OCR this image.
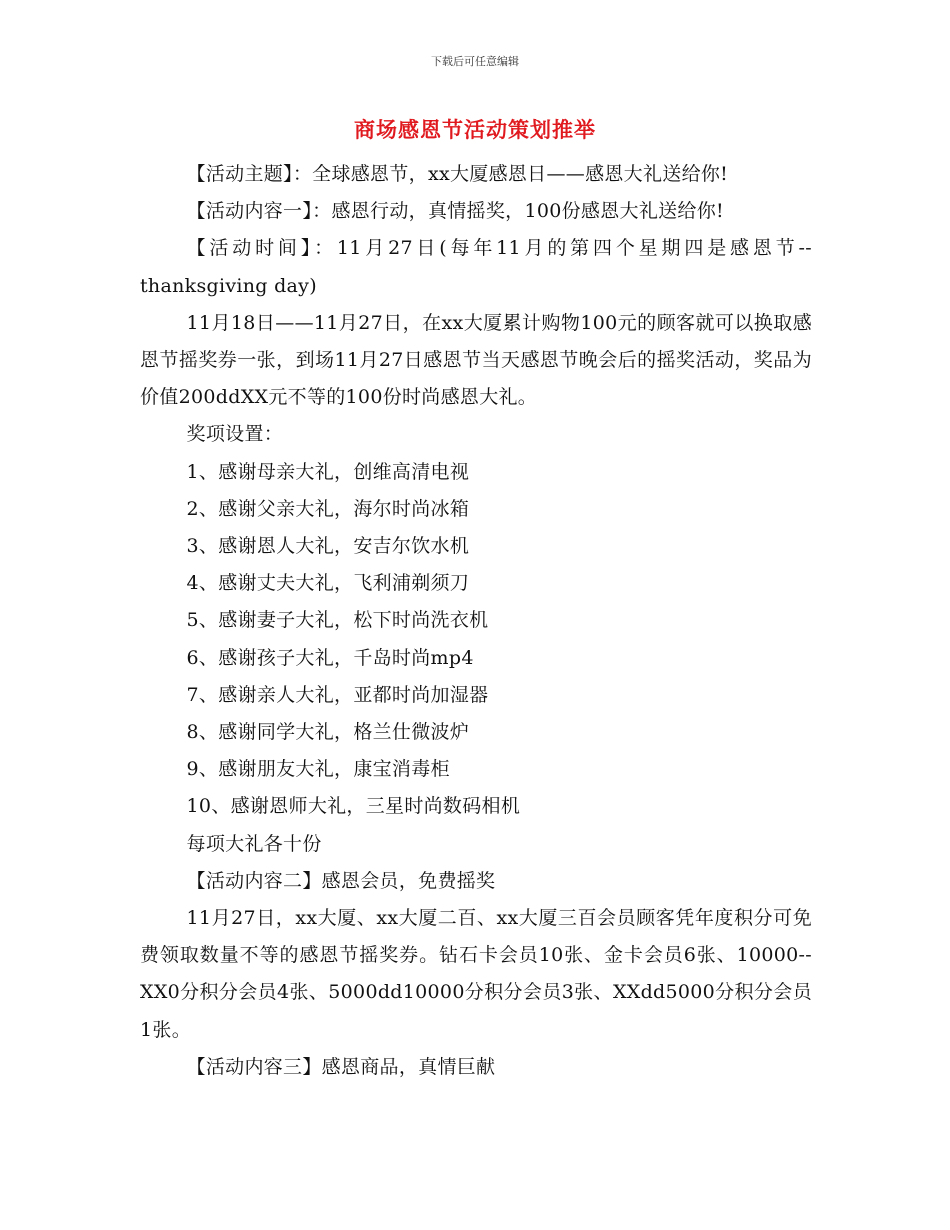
下载后可任意编辑
商场感恩节活动策划推举

【活动主题】：全球感恩节，xx大厦感恩日——感恩大礼送给你!

【活动内容一】：感恩行动，真情摇奖，100份感恩大礼送给你!

【活动时间】：11月27日(每年11月的第四个星期四是感恩节--thanksgiving day)

11月18日——11月27日，在xx大厦累计购物100元的顾客就可以换取感恩节摇奖券一张，到场11月27日感恩节当天感恩节晚会后的摇奖活动，奖品为价值200ddXX元不等的100份时尚感恩大礼。

奖项设置：

1、感谢母亲大礼，创维高清电视

2、感谢父亲大礼，海尔时尚冰箱

3、感谢恩人大礼，安吉尔饮水机

4、感谢丈夫大礼，飞利浦剃须刀

5、感谢妻子大礼，松下时尚洗衣机

6、感谢孩子大礼，千岛时尚mp4

7、感谢亲人大礼，亚都时尚加湿器

8、感谢同学大礼，格兰仕微波炉

9、感谢朋友大礼，康宝消毒柜

10、感谢恩师大礼，三星时尚数码相机

每项大礼各十份

【活动内容二】感恩会员，免费摇奖

11月27日，xx大厦、xx大厦二百、xx大厦三百会员顾客凭年度积分可免费领取数量不等的感恩节摇奖券。钻石卡会员10张、金卡会员6张、10000--XX0分积分会员4张、5000dd10000分积分会员3张、XXdd5000分积分会员1张。

【活动内容三】感恩商品，真情巨献
